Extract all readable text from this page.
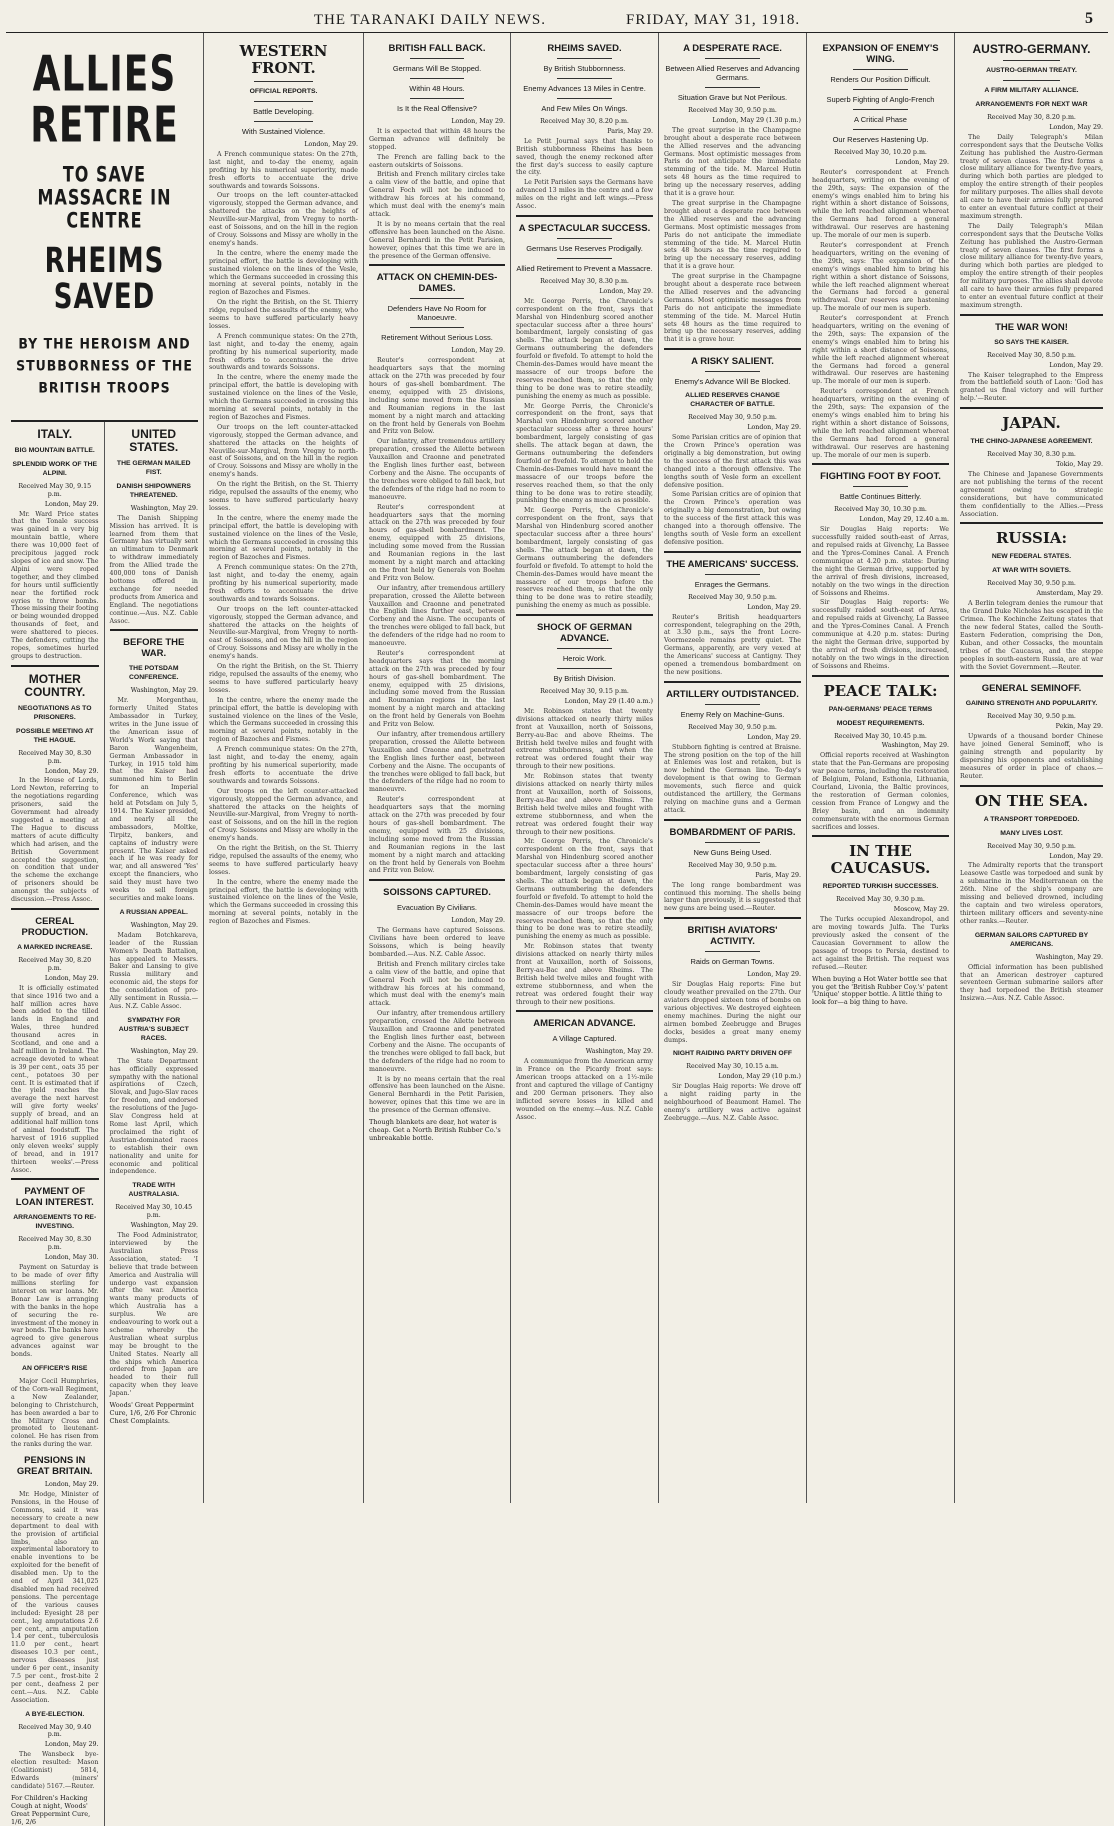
THE TARANAKI DAILY NEWS.	FRIDAY, MAY 31, 1918.	5
ALLIES RETIRE
TO SAVE MASSACRE IN CENTRE
RHEIMS SAVED
BY THE HEROISM AND STUBBORNESS OF THE BRITISH TROOPS
ITALY.
BIG MOUNTAIN BATTLE.
SPLENDID WORK OF THE ALPINI.
Received May 30, 9.15 p.m.
London, May 29.

Mr. Ward Price states that the Tonale success was gained in a very big mountain battle, where there was 10,000 feet of precipitous jagged rock slopes of ice and snow. The Alpini were roped together, and they climbed for hours until sufficiently near the fortified rock eyries to throw bombs. Those missing their footing or being wounded dropped thousands of feet, and were shattered to pieces. The defenders, cutting the ropes, sometimes hurled groups to destruction.

MOTHER COUNTRY.
NEGOTIATIONS AS TO PRISONERS.
POSSIBLE MEETING AT THE HAGUE.
Received May 30, 8.30 p.m.
London, May 29.

In the House of Lords, Lord Newton, referring to the negotiations regarding prisoners, said the Government had already suggested a meeting at The Hague to discuss matters of acute difficulty which had arisen, and the British Government accepted the suggestion, on condition that under the scheme the exchange of prisoners should be amongst the subjects of discussion.—Press Assoc.

CEREAL PRODUCTION.
A MARKED INCREASE.
Received May 30, 8.20 p.m.
London, May 29.

It is officially estimated that since 1916 two and a half million acres have been added to the tilled lands in England and Wales, three hundred thousand acres in Scotland, and one and a half million in Ireland. The acreage devoted to wheat is 39 per cent., oats 35 per cent., potatoes 30 per cent. It is estimated that if the yield reaches the average the next harvest will give forty weeks' supply of bread, and an additional half million tons of animal foodstuff. The harvest of 1916 supplied only eleven weeks' supply of bread, and in 1917 thirteen weeks'.—Press Assoc.

PAYMENT OF LOAN INTEREST.
ARRANGEMENTS TO RE-INVESTING.
Received May 30, 8.30 p.m.
London, May 30.

Payment on Saturday is to be made of over fifty millions sterling for interest on war loans. Mr. Bonar Law is arranging with the banks in the hope of securing the re-investment of the money in war bonds. The banks have agreed to give generous advances against war bonds.

AN OFFICER'S RISE

Major Cecil Humphries, of the Corn-wall Regiment, a New Zealander, belonging to Christchurch, has been awarded a bar to the Military Cross and promoted to lieutenant-colonel. He has risen from the ranks during the war.

PENSIONS IN GREAT BRITAIN.
London, May 29.

Mr. Hodge, Minister of Pensions, in the House of Commons, said it was necessary to create a new department to deal with the provision of artificial limbs, also an experimental laboratory to enable inventions to be exploited for the benefit of disabled men. Up to the end of April 341,025 disabled men had received pensions. The percentage of the various causes included: Eyesight 28 per cent., leg amputations 2.6 per cent., arm amputation 1.4 per cent., tuberculosis 11.0 per cent., heart diseases 10.3 per cent., nervous diseases just under 6 per cent., insanity 7.5 per cent., frost-bite 2 per cent., deafness 2 per cent.—Aus. N.Z. Cable Association.

A BYE-ELECTION.
Received May 30, 9.40 p.m.
London, May 29.

The Wansbeck bye-election resulted: Mason (Coalitionist) 5814, Edwards (miners' candidate) 5167.—Reuter.

For Children's Hacking Cough at night, Woods' Great Peppermint Cure, 1/6, 2/6
UNITED STATES.
THE GERMAN MAILED FIST.
DANISH SHIPOWNERS THREATENED.
Washington, May 29.

The Danish Shipping Mission has arrived. It is learned from them that Germany has virtually sent an ultimatum to Denmark to withdraw immediately from the Allied trade the 400,000 tons of Danish bottoms offered in exchange for needed products from America and England. The negotiations continue.—Aus. N.Z. Cable Assoc.

BEFORE THE WAR.
THE POTSDAM CONFERENCE.
Washington, May 29.

Mr. Morgenthau, formerly United States Ambassador in Turkey, writes in the June issue of the American issue of World's Work saying that Baron Wangenheim, German Ambassador in Turkey, in 1915 told him that the Kaiser had summoned him to Berlin for an Imperial Conference, which was held at Potsdam on July 5, 1914. The Kaiser presided, and nearly all the ambassadors, Moltke, Tirpitz, bankers, and captains of industry were present. The Kaiser asked each if he was ready for war, and all answered 'Yes' except the financiers, who said they must have two weeks to sell foreign securities and make loans.

A RUSSIAN APPEAL.
Washington, May 29.

Madam Botchkareva, leader of the Russian Women's Death Battalion, has appealed to Messrs. Baker and Lansing to give Russia military and economic aid, the steps for the consolidation of pro-Ally sentiment in Russia.—Aus. N.Z. Cable Assoc.

SYMPATHY FOR AUSTRIA'S SUBJECT RACES.
Washington, May 29.

The State Department has officially expressed sympathy with the national aspirations of Czech, Slovak, and Jugo-Slav races for freedom, and endorsed the resolutions of the Jugo-Slav Congress held at Rome last April, which proclaimed the right of Austrian-dominated races to establish their own nationality and unite for economic and political independence.

TRADE WITH AUSTRALASIA.
Received May 30, 10.45 p.m.
Washington, May 29.

The Food Administrator, interviewed by the Australian Press Association, stated: 'I believe that trade between America and Australia will undergo vast expansion after the war. America wants many products of which Australia has a surplus. We are endeavouring to work out a scheme whereby the Australian wheat surplus may be brought to the United States. Nearly all the ships which America ordered from Japan are headed to their full capacity when they leave Japan.'

Woods' Great Peppermint Cure, 1/6, 2/6 For Chronic Chest Complaints.
WESTERN FRONT.
OFFICIAL REPORTS.
Battle Developing.
With Sustained Violence.
London, May 29.

A French communique states: On the 27th, last night, and to-day the enemy, again profiting by his numerical superiority, made fresh efforts to accentuate the drive southwards and towards Soissons.

Our troops on the left counter-attacked vigorously, stopped the German advance, and shattered the attacks on the heights of Neuville-sur-Margival, from Vregny to north-east of Soissons, and on the hill in the region of Crouy. Soissons and Missy are wholly in the enemy's hands.

In the centre, where the enemy made the principal effort, the battle is developing with sustained violence on the lines of the Vesle, which the Germans succeeded in crossing this morning at several points, notably in the region of Bazoches and Fismes.

On the right the British, on the St. Thierry ridge, repulsed the assaults of the enemy, who seems to have suffered particularly heavy losses.

A French communique states: On the 27th, last night, and to-day the enemy, again profiting by his numerical superiority, made fresh efforts to accentuate the drive southwards and towards Soissons.

In the centre, where the enemy made the principal effort, the battle is developing with sustained violence on the lines of the Vesle, which the Germans succeeded in crossing this morning at several points, notably in the region of Bazoches and Fismes.

Our troops on the left counter-attacked vigorously, stopped the German advance, and shattered the attacks on the heights of Neuville-sur-Margival, from Vregny to north-east of Soissons, and on the hill in the region of Crouy. Soissons and Missy are wholly in the enemy's hands.

On the right the British, on the St. Thierry ridge, repulsed the assaults of the enemy, who seems to have suffered particularly heavy losses.

In the centre, where the enemy made the principal effort, the battle is developing with sustained violence on the lines of the Vesle, which the Germans succeeded in crossing this morning at several points, notably in the region of Bazoches and Fismes.

A French communique states: On the 27th, last night, and to-day the enemy, again profiting by his numerical superiority, made fresh efforts to accentuate the drive southwards and towards Soissons.

Our troops on the left counter-attacked vigorously, stopped the German advance, and shattered the attacks on the heights of Neuville-sur-Margival, from Vregny to north-east of Soissons, and on the hill in the region of Crouy. Soissons and Missy are wholly in the enemy's hands.

On the right the British, on the St. Thierry ridge, repulsed the assaults of the enemy, who seems to have suffered particularly heavy losses.

In the centre, where the enemy made the principal effort, the battle is developing with sustained violence on the lines of the Vesle, which the Germans succeeded in crossing this morning at several points, notably in the region of Bazoches and Fismes.

A French communique states: On the 27th, last night, and to-day the enemy, again profiting by his numerical superiority, made fresh efforts to accentuate the drive southwards and towards Soissons.

Our troops on the left counter-attacked vigorously, stopped the German advance, and shattered the attacks on the heights of Neuville-sur-Margival, from Vregny to north-east of Soissons, and on the hill in the region of Crouy. Soissons and Missy are wholly in the enemy's hands.

On the right the British, on the St. Thierry ridge, repulsed the assaults of the enemy, who seems to have suffered particularly heavy losses.

In the centre, where the enemy made the principal effort, the battle is developing with sustained violence on the lines of the Vesle, which the Germans succeeded in crossing this morning at several points, notably in the region of Bazoches and Fismes.

BRITISH FALL BACK.
Germans Will Be Stopped.
Within 48 Hours.
Is It the Real Offensive?
London, May 29.

It is expected that within 48 hours the German advance will definitely be stopped.

The French are falling back to the eastern outskirts of Soissons.

British and French military circles take a calm view of the battle, and opine that General Foch will not be induced to withdraw his forces at his command, which must deal with the enemy's main attack.

It is by no means certain that the real offensive has been launched on the Aisne. General Bernhardi in the Petit Parisien, however, opines that this time we are in the presence of the German offensive.

ATTACK ON CHEMIN-DES-DAMES.
Defenders Have No Room for Manoeuvre.
Retirement Without Serious Loss.
London, May 29.

Reuter's correspondent at headquarters says that the morning attack on the 27th was preceded by four hours of gas-shell bombardment. The enemy, equipped with 25 divisions, including some moved from the Russian and Roumanian regions in the last moment by a night march and attacking on the front held by Generals von Boehm and Fritz von Below.

Our infantry, after tremendous artillery preparation, crossed the Ailette between Vauxaillon and Craonne and penetrated the English lines further east, between Corbeny and the Aisne. The occupants of the trenches were obliged to fall back, but the defenders of the ridge had no room to manoeuvre.

Reuter's correspondent at headquarters says that the morning attack on the 27th was preceded by four hours of gas-shell bombardment. The enemy, equipped with 25 divisions, including some moved from the Russian and Roumanian regions in the last moment by a night march and attacking on the front held by Generals von Boehm and Fritz von Below.

Our infantry, after tremendous artillery preparation, crossed the Ailette between Vauxaillon and Craonne and penetrated the English lines further east, between Corbeny and the Aisne. The occupants of the trenches were obliged to fall back, but the defenders of the ridge had no room to manoeuvre.

Reuter's correspondent at headquarters says that the morning attack on the 27th was preceded by four hours of gas-shell bombardment. The enemy, equipped with 25 divisions, including some moved from the Russian and Roumanian regions in the last moment by a night march and attacking on the front held by Generals von Boehm and Fritz von Below.

Our infantry, after tremendous artillery preparation, crossed the Ailette between Vauxaillon and Craonne and penetrated the English lines further east, between Corbeny and the Aisne. The occupants of the trenches were obliged to fall back, but the defenders of the ridge had no room to manoeuvre.

Reuter's correspondent at headquarters says that the morning attack on the 27th was preceded by four hours of gas-shell bombardment. The enemy, equipped with 25 divisions, including some moved from the Russian and Roumanian regions in the last moment by a night march and attacking on the front held by Generals von Boehm and Fritz von Below.

SOISSONS CAPTURED.
Evacuation By Civilians.
London, May 29.

The Germans have captured Soissons. Civilians have been ordered to leave Soissons, which is being heavily bombarded.—Aus. N.Z. Cable Assoc.

British and French military circles take a calm view of the battle, and opine that General Foch will not be induced to withdraw his forces at his command, which must deal with the enemy's main attack.

Our infantry, after tremendous artillery preparation, crossed the Ailette between Vauxaillon and Craonne and penetrated the English lines further east, between Corbeny and the Aisne. The occupants of the trenches were obliged to fall back, but the defenders of the ridge had no room to manoeuvre.

It is by no means certain that the real offensive has been launched on the Aisne. General Bernhardi in the Petit Parisien, however, opines that this time we are in the presence of the German offensive.

Though blankets are dear, hot water is cheap. Get a North British Rubber Co.'s unbreakable bottle.
RHEIMS SAVED.
By British Stubbornness.
Enemy Advances 13 Miles in Centre.
And Few Miles On Wings.
Received May 30, 8.20 p.m.
Paris, May 29.

Le Petit Journal says that thanks to British stubbornness Rheims has been saved, though the enemy reckoned after the first day's success to easily capture the city.

Le Petit Parisien says the Germans have advanced 13 miles in the centre and a few miles on the right and left wings.—Press Assoc.

A SPECTACULAR SUCCESS.
Germans Use Reserves Prodigally.
Allied Retirement to Prevent a Massacre.
Received May 30, 8.30 p.m.
London, May 29.

Mr. George Perris, the Chronicle's correspondent on the front, says that Marshal von Hindenburg scored another spectacular success after a three hours' bombardment, largely consisting of gas shells. The attack began at dawn, the Germans outnumbering the defenders fourfold or fivefold. To attempt to hold the Chemin-des-Dames would have meant the massacre of our troops before the reserves reached them, so that the only thing to be done was to retire steadily, punishing the enemy as much as possible.

Mr. George Perris, the Chronicle's correspondent on the front, says that Marshal von Hindenburg scored another spectacular success after a three hours' bombardment, largely consisting of gas shells. The attack began at dawn, the Germans outnumbering the defenders fourfold or fivefold. To attempt to hold the Chemin-des-Dames would have meant the massacre of our troops before the reserves reached them, so that the only thing to be done was to retire steadily, punishing the enemy as much as possible.

Mr. George Perris, the Chronicle's correspondent on the front, says that Marshal von Hindenburg scored another spectacular success after a three hours' bombardment, largely consisting of gas shells. The attack began at dawn, the Germans outnumbering the defenders fourfold or fivefold. To attempt to hold the Chemin-des-Dames would have meant the massacre of our troops before the reserves reached them, so that the only thing to be done was to retire steadily, punishing the enemy as much as possible.

SHOCK OF GERMAN ADVANCE.
Heroic Work.
By British Division.
Received May 30, 9.15 p.m.
London, May 29 (1.40 a.m.)

Mr. Robinson states that twenty divisions attacked on nearly thirty miles front at Vauxaillon, north of Soissons, Berry-au-Bac and above Rheims. The British held twelve miles and fought with extreme stubbornness, and when the retreat was ordered fought their way through to their new positions.

Mr. Robinson states that twenty divisions attacked on nearly thirty miles front at Vauxaillon, north of Soissons, Berry-au-Bac and above Rheims. The British held twelve miles and fought with extreme stubbornness, and when the retreat was ordered fought their way through to their new positions.

Mr. George Perris, the Chronicle's correspondent on the front, says that Marshal von Hindenburg scored another spectacular success after a three hours' bombardment, largely consisting of gas shells. The attack began at dawn, the Germans outnumbering the defenders fourfold or fivefold. To attempt to hold the Chemin-des-Dames would have meant the massacre of our troops before the reserves reached them, so that the only thing to be done was to retire steadily, punishing the enemy as much as possible.

Mr. Robinson states that twenty divisions attacked on nearly thirty miles front at Vauxaillon, north of Soissons, Berry-au-Bac and above Rheims. The British held twelve miles and fought with extreme stubbornness, and when the retreat was ordered fought their way through to their new positions.

AMERICAN ADVANCE.
A Village Captured.
Washington, May 29.

A communique from the American army in France on the Picardy front says: American troops attacked on a 1½-mile front and captured the village of Cantigny and 200 German prisoners. They also inflicted severe losses in killed and wounded on the enemy.—Aus. N.Z. Cable Assoc.

A DESPERATE RACE.
Between Allied Reserves and Advancing Germans.
Situation Grave but Not Perilous.
Received May 30, 9.50 p.m.
London, May 29 (1.30 p.m.)

The great surprise in the Champagne brought about a desperate race between the Allied reserves and the advancing Germans. Most optimistic messages from Paris do not anticipate the immediate stemming of the tide. M. Marcel Hutin sets 48 hours as the time required to bring up the necessary reserves, adding that it is a grave hour.

The great surprise in the Champagne brought about a desperate race between the Allied reserves and the advancing Germans. Most optimistic messages from Paris do not anticipate the immediate stemming of the tide. M. Marcel Hutin sets 48 hours as the time required to bring up the necessary reserves, adding that it is a grave hour.

The great surprise in the Champagne brought about a desperate race between the Allied reserves and the advancing Germans. Most optimistic messages from Paris do not anticipate the immediate stemming of the tide. M. Marcel Hutin sets 48 hours as the time required to bring up the necessary reserves, adding that it is a grave hour.

A RISKY SALIENT.
Enemy's Advance Will Be Blocked.
ALLIED RESERVES CHANGE CHARACTER OF BATTLE.
Received May 30, 9.50 p.m.
London, May 29.

Some Parisian critics are of opinion that the Crown Prince's operation was originally a big demonstration, but owing to the success of the first attack this was changed into a thorough offensive. The lengths south of Vesle form an excellent defensive position.

Some Parisian critics are of opinion that the Crown Prince's operation was originally a big demonstration, but owing to the success of the first attack this was changed into a thorough offensive. The lengths south of Vesle form an excellent defensive position.

THE AMERICANS' SUCCESS.
Enrages the Germans.
Received May 30, 9.50 p.m.
London, May 29.

Reuter's British headquarters correspondent, telegraphing on the 29th, at 3.30 p.m., says the front Locre-Voormezeele remains pretty quiet. The Germans, apparently, are very vexed at the Americans' success at Cantigny. They opened a tremendous bombardment on the new positions.

ARTILLERY OUTDISTANCED.
Enemy Rely on Machine-Guns.
Received May 30, 9.50 p.m.
London, May 29.

Stubborn fighting is centred at Braisne. The strong position on the top of the hill at Enlemes was lost and retaken, but is now behind the German line. To-day's development is that owing to German movements, such fierce and quick outdistanced the artillery, the Germans relying on machine guns and a German attack.

BOMBARDMENT OF PARIS.
New Guns Being Used.
Received May 30, 9.50 p.m.
Paris, May 29.

The long range bombardment was continued this morning. The shells being larger than previously, it is suggested that new guns are being used.—Reuter.

BRITISH AVIATORS' ACTIVITY.
Raids on German Towns.
London, May 29.

Sir Douglas Haig reports: Fine but cloudy weather prevailed on the 27th. Our aviators dropped sixteen tons of bombs on various objectives. We destroyed eighteen enemy machines. During the night our airmen bombed Zeebrugge and Bruges docks, besides a great many enemy dumps.

NIGHT RAIDING PARTY DRIVEN OFF
Received May 30, 10.15 a.m.
London, May 29 (10 p.m.)

Sir Douglas Haig reports: We drove off a night raiding party in the neighbourhood of Beaumont Hamel. The enemy's artillery was active against Zeebrugge.—Aus. N.Z. Cable Assoc.

EXPANSION OF ENEMY'S WING.
Renders Our Position Difficult.
Superb Fighting of Anglo-French
A Critical Phase
Our Reserves Hastening Up.
Received May 30, 10.20 p.m.
London, May 29.

Reuter's correspondent at French headquarters, writing on the evening of the 29th, says: The expansion of the enemy's wings enabled him to bring his right within a short distance of Soissons, while the left reached alignment whereat the Germans had forced a general withdrawal. Our reserves are hastening up. The morale of our men is superb.

Reuter's correspondent at French headquarters, writing on the evening of the 29th, says: The expansion of the enemy's wings enabled him to bring his right within a short distance of Soissons, while the left reached alignment whereat the Germans had forced a general withdrawal. Our reserves are hastening up. The morale of our men is superb.

Reuter's correspondent at French headquarters, writing on the evening of the 29th, says: The expansion of the enemy's wings enabled him to bring his right within a short distance of Soissons, while the left reached alignment whereat the Germans had forced a general withdrawal. Our reserves are hastening up. The morale of our men is superb.

Reuter's correspondent at French headquarters, writing on the evening of the 29th, says: The expansion of the enemy's wings enabled him to bring his right within a short distance of Soissons, while the left reached alignment whereat the Germans had forced a general withdrawal. Our reserves are hastening up. The morale of our men is superb.

FIGHTING FOOT BY FOOT.
Battle Continues Bitterly.
Received May 30, 10.30 p.m.
London, May 29, 12.40 a.m.

Sir Douglas Haig reports: We successfully raided south-east of Arras, and repulsed raids at Givenchy, La Bassee and the Ypres-Comines Canal. A French communique at 4.20 p.m. states: During the night the German drive, supported by the arrival of fresh divisions, increased, notably on the two wings in the direction of Soissons and Rheims.

Sir Douglas Haig reports: We successfully raided south-east of Arras, and repulsed raids at Givenchy, La Bassee and the Ypres-Comines Canal. A French communique at 4.20 p.m. states: During the night the German drive, supported by the arrival of fresh divisions, increased, notably on the two wings in the direction of Soissons and Rheims.

PEACE TALK:
PAN-GERMANS' PEACE TERMS
MODEST REQUIREMENTS.
Received May 30, 10.45 p.m.
Washington, May 29.

Official reports received at Washington state that the Pan-Germans are proposing war peace terms, including the restoration of Belgium, Poland, Esthonia, Lithuania, Courland, Livonia, the Baltic provinces, the restoration of German colonies, cession from France of Longwy and the Briey basin, and an indemnity commensurate with the enormous German sacrifices and losses.

IN THE CAUCASUS.
REPORTED TURKISH SUCCESSES.
Received May 30, 9.30 p.m.
Moscow, May 29.

The Turks occupied Alexandropol, and are moving towards Julfa. The Turks previously asked the consent of the Caucasian Government to allow the passage of troops to Persia, destined to act against the British. The request was refused.—Reuter.

When buying a Hot Water bottle see that you get the 'British Rubber Coy.'s' patent 'Unique' stopper bottle. A little thing to look for—a big thing to have.
AUSTRO-GERMANY.
AUSTRO-GERMAN TREATY.
A FIRM MILITARY ALLIANCE.
ARRANGEMENTS FOR NEXT WAR
Received May 30, 8.20 p.m.
London, May 29.

The Daily Telegraph's Milan correspondent says that the Deutsche Volks Zeitung has published the Austro-German treaty of seven clauses. The first forms a close military alliance for twenty-five years, during which both parties are pledged to employ the entire strength of their peoples for military purposes. The allies shall devote all care to have their armies fully prepared to enter an eventual future conflict at their maximum strength.

The Daily Telegraph's Milan correspondent says that the Deutsche Volks Zeitung has published the Austro-German treaty of seven clauses. The first forms a close military alliance for twenty-five years, during which both parties are pledged to employ the entire strength of their peoples for military purposes. The allies shall devote all care to have their armies fully prepared to enter an eventual future conflict at their maximum strength.

THE WAR WON!
SO SAYS THE KAISER.
Received May 30, 8.50 p.m.
London, May 29.

The Kaiser telegraphed to the Empress from the battlefield south of Laon: 'God has granted us final victory and will further help.'—Reuter.

JAPAN.
THE CHINO-JAPANESE AGREEMENT.
Received May 30, 8.30 p.m.
Tokio, May 29.

The Chinese and Japanese Governments are not publishing the terms of the recent agreement owing to strategic considerations, but have communicated them confidentially to the Allies.—Press Association.

RUSSIA:
NEW FEDERAL STATES.
AT WAR WITH SOVIETS.
Received May 30, 9.50 p.m.
Amsterdam, May 29.

A Berlin telegram denies the rumour that the Grand Duke Nicholas has escaped in the Crimea. The Kochinche Zeitung states that the new federal States, called the South-Eastern Federation, comprising the Don, Kuban, and other Cossacks, the mountain tribes of the Caucasus, and the steppe peoples in south-eastern Russia, are at war with the Soviet Government.—Reuter.

GENERAL SEMINOFF.
GAINING STRENGTH AND POPULARITY.
Received May 30, 9.50 p.m.
Pekin, May 29.

Upwards of a thousand border Chinese have joined General Seminoff, who is gaining strength and popularity by dispersing his opponents and establishing measures of order in place of chaos.—Reuter.

ON THE SEA.
A TRANSPORT TORPEDOED.
MANY LIVES LOST.
Received May 30, 9.50 p.m.
London, May 29.

The Admiralty reports that the transport Leasowe Castle was torpedoed and sunk by a submarine in the Mediterranean on the 26th. Nine of the ship's company are missing and believed drowned, including the captain and two wireless operators, thirteen military officers and seventy-nine other ranks.—Reuter.

GERMAN SAILORS CAPTURED BY AMERICANS.
Washington, May 29.

Official information has been published that an American destroyer captured seventeen German submarine sailors after they had torpedoed the British steamer Insizwa.—Aus. N.Z. Cable Assoc.
